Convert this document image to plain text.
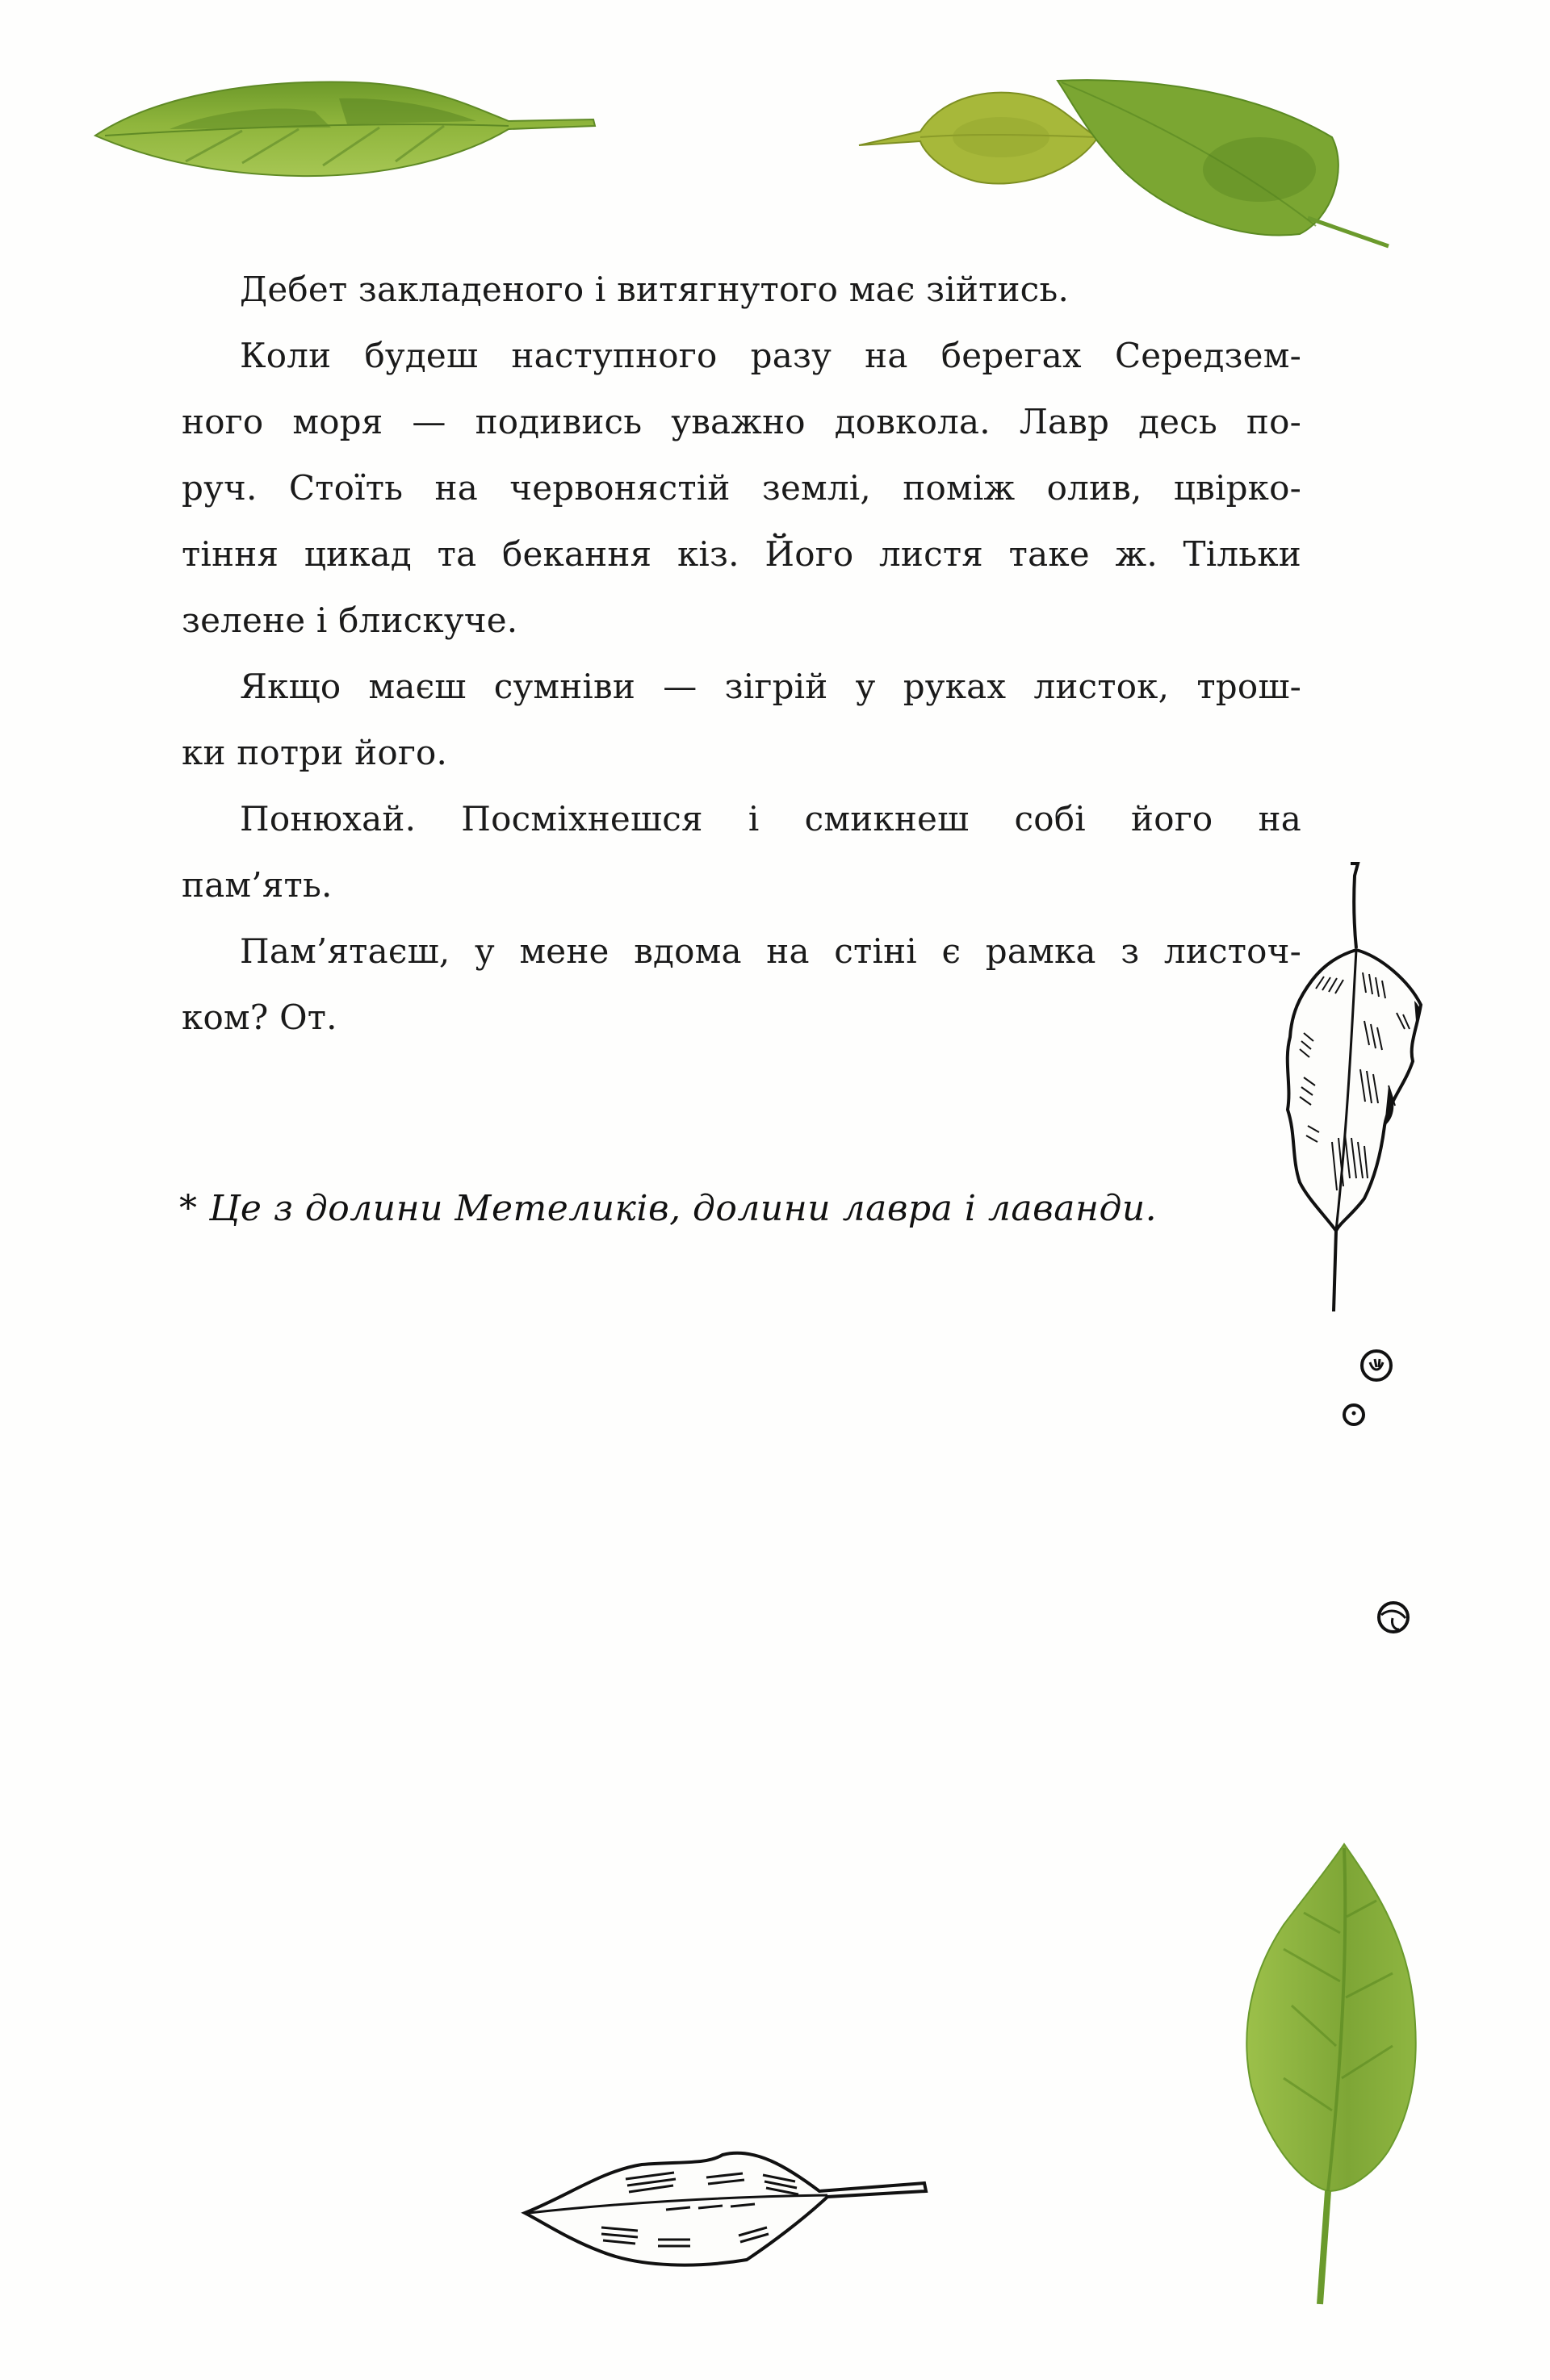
Дебет закладеного і витягнутого має зійтись.

Коли будеш наступного разу на берегах Середзем-
ного моря — подивись уважно довкола. Лавр десь по-
руч. Стоїть на червонястій землі, поміж олив, цвірко-
тіння цикад та бекання кіз. Його листя таке ж. Тільки
зелене і блискуче.

Якщо маєш сумніви — зігрій у руках листок, трош-
ки потри його.

Понюхай. Посміхнешся і смикнеш собі його на
пам’ять.

Пам’ятаєш, у мене вдома на стіні є рамка з листоч-
ком? От.

* Це з долини Метеликів, долини лавра і лаванди.
